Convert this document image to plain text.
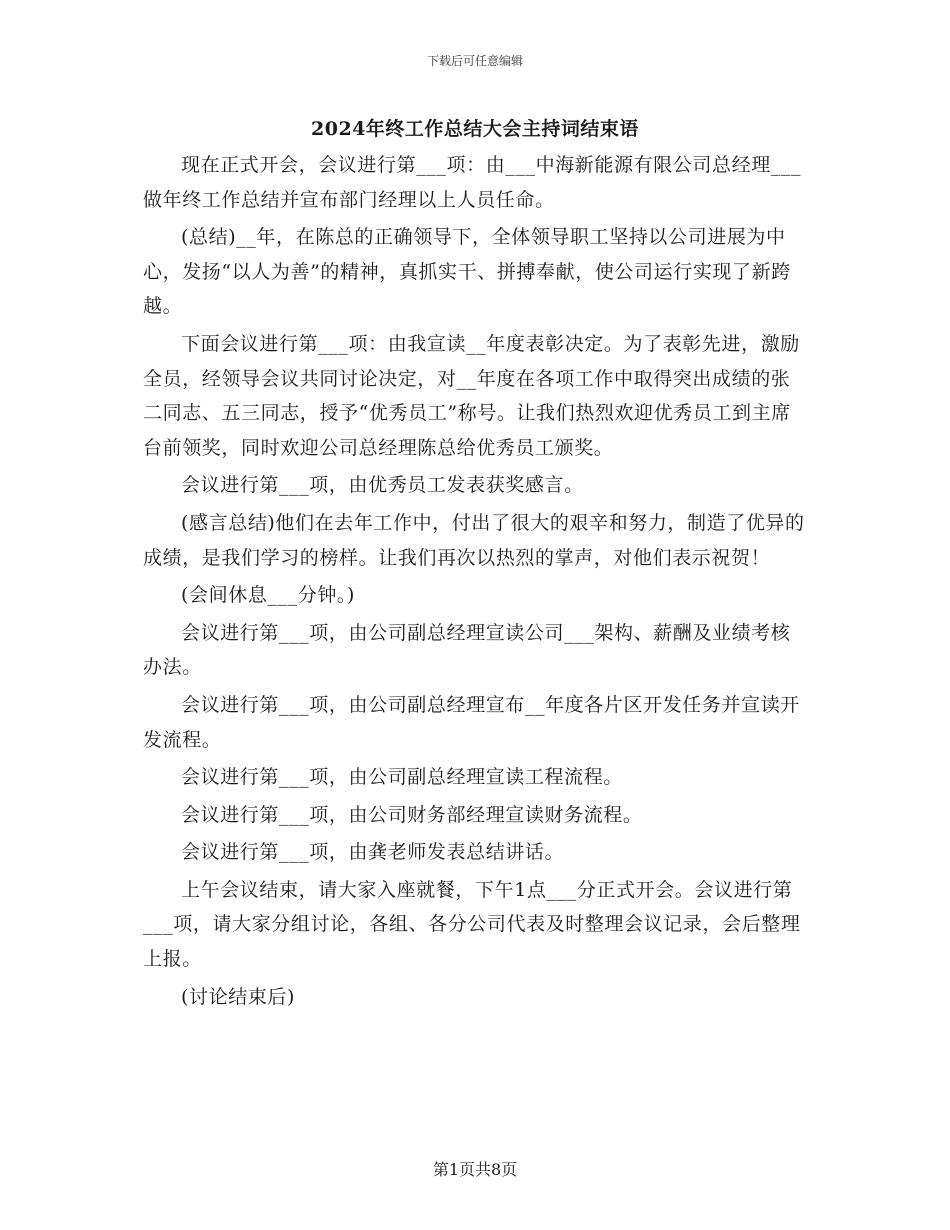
下载后可任意编辑
2024年终工作总结大会主持词结束语

现在正式开会，会议进行第___项：由___中海新能源有限公司总经理___做年终工作总结并宣布部门经理以上人员任命。

(总结)__年，在陈总的正确领导下，全体领导职工坚持以公司进展为中心，发扬“以人为善”的精神，真抓实干、拼搏奉献，使公司运行实现了新跨越。

下面会议进行第___项：由我宣读__年度表彰决定。为了表彰先进，激励全员，经领导会议共同讨论决定，对__年度在各项工作中取得突出成绩的张二同志、五三同志，授予“优秀员工”称号。让我们热烈欢迎优秀员工到主席台前领奖，同时欢迎公司总经理陈总给优秀员工颁奖。

会议进行第___项，由优秀员工发表获奖感言。

(感言总结)他们在去年工作中，付出了很大的艰辛和努力，制造了优异的成绩，是我们学习的榜样。让我们再次以热烈的掌声，对他们表示祝贺！

(会间休息___分钟。)

会议进行第___项，由公司副总经理宣读公司___架构、薪酬及业绩考核办法。

会议进行第___项，由公司副总经理宣布__年度各片区开发任务并宣读开发流程。

会议进行第___项，由公司副总经理宣读工程流程。

会议进行第___项，由公司财务部经理宣读财务流程。

会议进行第___项，由龚老师发表总结讲话。

上午会议结束，请大家入座就餐，下午1点___分正式开会。会议进行第___项，请大家分组讨论，各组、各分公司代表及时整理会议记录，会后整理上报。

(讨论结束后)

第1页共8页
